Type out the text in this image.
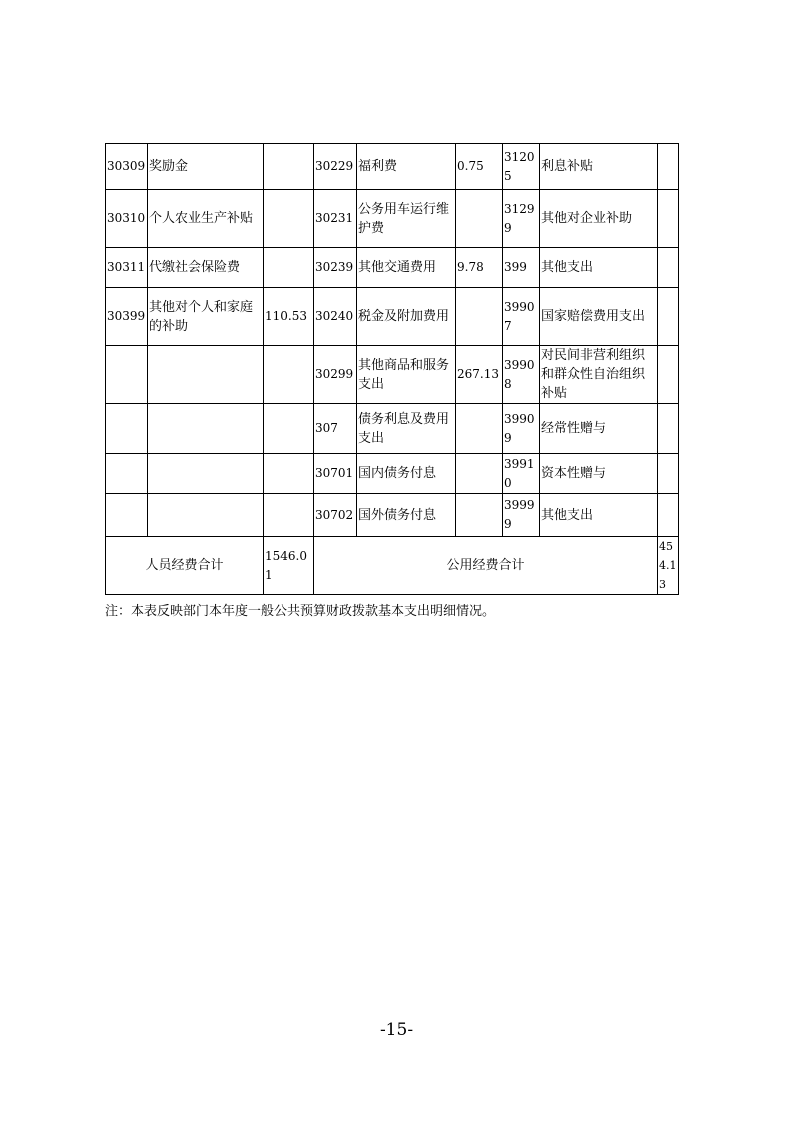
30309	奖励金		30229	福利费	0.75	31205	利息补贴	
30310	个人农业生产补贴		30231	公务用车运行维护费		31299	其他对企业补助	
30311	代缴社会保险费		30239	其他交通费用	9.78	399	其他支出	
30399	其他对个人和家庭的补助	110.53	30240	税金及附加费用		39907	国家赔偿费用支出	
			30299	其他商品和服务支出	267.13	39908	对民间非营利组织和群众性自治组织补贴	
			307	债务利息及费用支出		39909	经常性赠与	
			30701	国内债务付息		39910	资本性赠与	
			30702	国外债务付息		39999	其他支出	
人员经费合计		1546.01	公用经费合计					454.13
注：本表反映部门本年度一般公共预算财政拨款基本支出明细情况。
-15-
